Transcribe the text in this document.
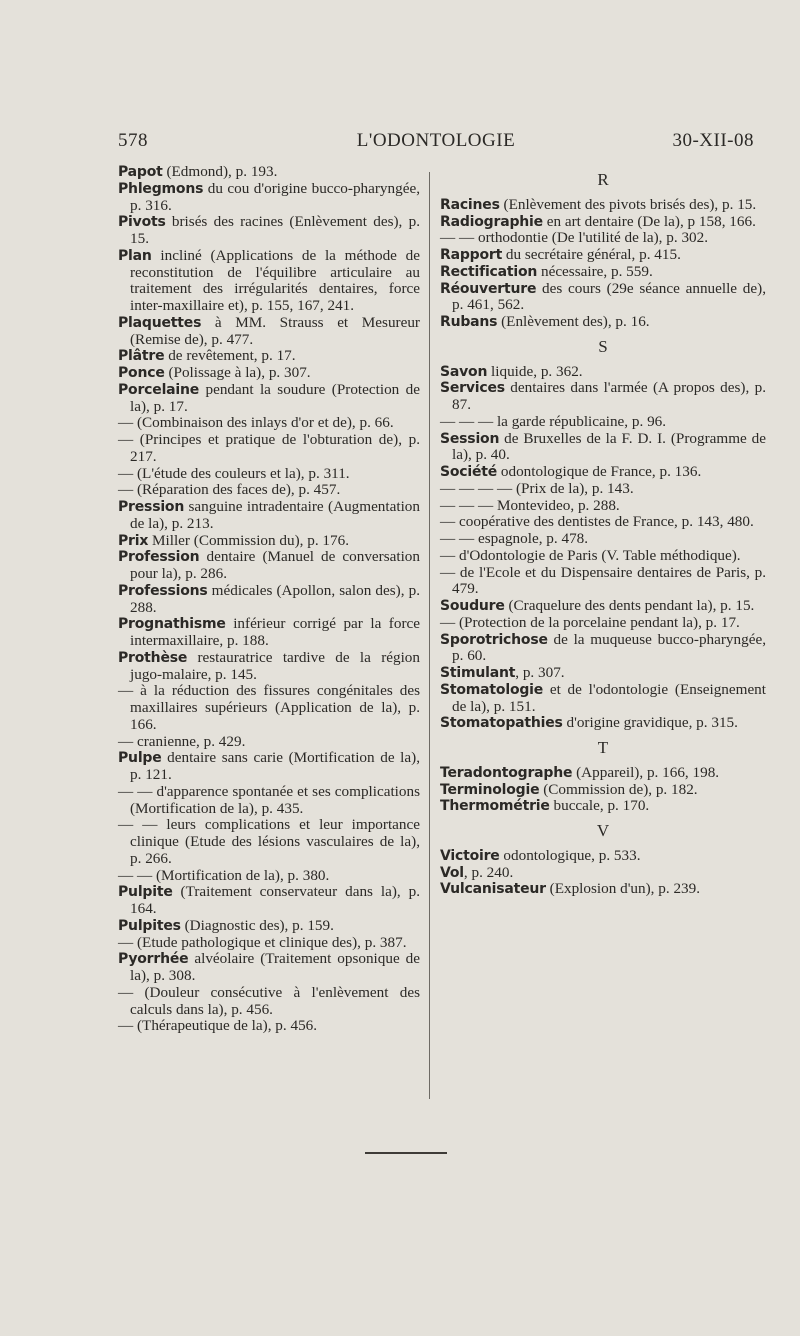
578	L'ODONTOLOGIE	30-XII-08
Papot (Edmond), p. 193.
Phlegmons du cou d'origine bucco-pharyngée, p. 316.
Pivots brisés des racines (Enlèvement des), p. 15.
Plan incliné (Applications de la méthode de reconstitution de l'équilibre articulaire au traitement des irrégularités dentaires, force inter-maxillaire et), p. 155, 167, 241.
Plaquettes à MM. Strauss et Mesureur (Remise de), p. 477.
Plâtre de revêtement, p. 17.
Ponce (Polissage à la), p. 307.
Porcelaine pendant la soudure (Protection de la), p. 17.
— (Combinaison des inlays d'or et de), p. 66.
— (Principes et pratique de l'obturation de), p. 217.
— (L'étude des couleurs et la), p. 311.
— (Réparation des faces de), p. 457.
Pression sanguine intradentaire (Augmentation de la), p. 213.
Prix Miller (Commission du), p. 176.
Profession dentaire (Manuel de conversation pour la), p. 286.
Professions médicales (Apollon, salon des), p. 288.
Prognathisme inférieur corrigé par la force intermaxillaire, p. 188.
Prothèse restauratrice tardive de la région jugo-malaire, p. 145.
— à la réduction des fissures congénitales des maxillaires supérieurs (Application de la), p. 166.
— cranienne, p. 429.
Pulpe dentaire sans carie (Mortification de la), p. 121.
— — d'apparence spontanée et ses complications (Mortification de la), p. 435.
— — leurs complications et leur importance clinique (Etude des lésions vasculaires de la), p. 266.
— — (Mortification de la), p. 380.
Pulpite (Traitement conservateur dans la), p. 164.
Pulpites (Diagnostic des), p. 159.
— (Etude pathologique et clinique des), p. 387.
Pyorrhée alvéolaire (Traitement opsonique de la), p. 308.
— (Douleur consécutive à l'enlèvement des calculs dans la), p. 456.
— (Thérapeutique de la), p. 456.
R
Racines (Enlèvement des pivots brisés des), p. 15.
Radiographie en art dentaire (De la), p 158, 166.
— — orthodontie (De l'utilité de la), p. 302.
Rapport du secrétaire général, p. 415.
Rectification nécessaire, p. 559.
Réouverture des cours (29e séance annuelle de), p. 461, 562.
Rubans (Enlèvement des), p. 16.
S
Savon liquide, p. 362.
Services dentaires dans l'armée (A propos des), p. 87.
— — — la garde républicaine, p. 96.
Session de Bruxelles de la F. D. I. (Programme de la), p. 40.
Société odontologique de France, p. 136.
— — — — (Prix de la), p. 143.
— — — Montevideo, p. 288.
— coopérative des dentistes de France, p. 143, 480.
— — espagnole, p. 478.
— d'Odontologie de Paris (V. Table méthodique).
— de l'Ecole et du Dispensaire dentaires de Paris, p. 479.
Soudure (Craquelure des dents pendant la), p. 15.
— (Protection de la porcelaine pendant la), p. 17.
Sporotrichose de la muqueuse bucco-pharyngée, p. 60.
Stimulant, p. 307.
Stomatologie et de l'odontologie (Enseignement de la), p. 151.
Stomatopathies d'origine gravidique, p. 315.
T
Teradontographe (Appareil), p. 166, 198.
Terminologie (Commission de), p. 182.
Thermométrie buccale, p. 170.
V
Victoire odontologique, p. 533.
Vol, p. 240.
Vulcanisateur (Explosion d'un), p. 239.
